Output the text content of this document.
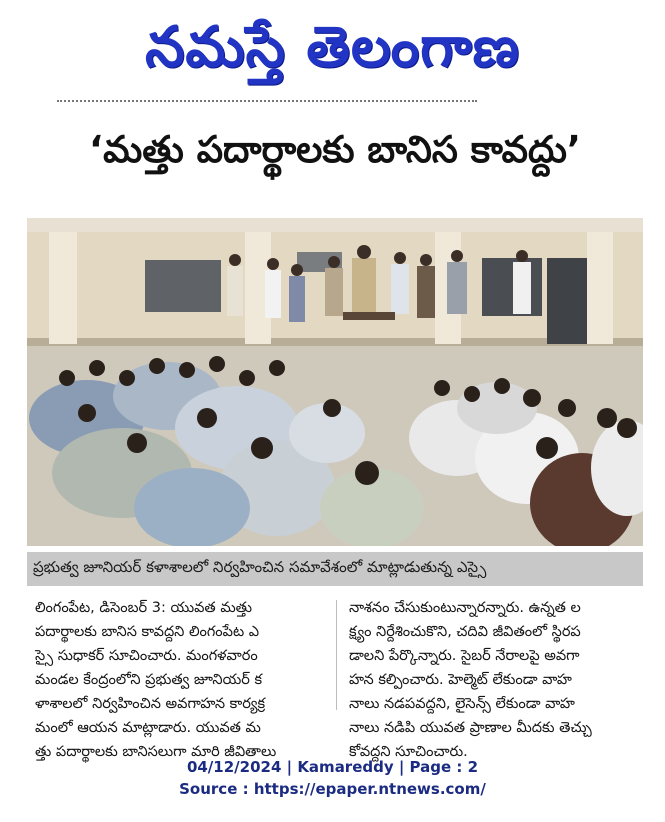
నమస్తే తెలంగాణ
‘మత్తు పదార్థాలకు బానిస కావద్దు’
ప్రభుత్వ జూనియర్ కళాశాలలో నిర్వహించిన సమావేశంలో మాట్లాడుతున్న ఎస్సై
లింగంపేట, డిసెంబర్ 3: యువత మత్తు
పదార్థాలకు బానిస కావద్దని లింగంపేట ఎ
స్సై సుధాకర్ సూచించారు. మంగళవారం
మండల కేంద్రంలోని ప్రభుత్వ జూనియర్ క
ళాశాలలో నిర్వహించిన అవగాహన కార్యక్ర
మంలో ఆయన మాట్లాడారు. యువత మ
త్తు పదార్థాలకు బానిసలుగా మారి జీవితాలు
నాశనం చేసుకుంటున్నారన్నారు. ఉన్నత ల
క్ష్యం నిర్దేశించుకొని, చదివి జీవితంలో స్థిరప
డాలని పేర్కొన్నారు. సైబర్ నేరాలపై అవగా
హన కల్పించారు. హెల్మెట్ లేకుండా వాహ
నాలు నడపవద్దని, లైసెన్స్ లేకుండా వాహ
నాలు నడిపి యువత ప్రాణాల మీదకు తెచ్చు
కోవద్దని సూచించారు.
04/12/2024 | Kamareddy | Page : 2
Source : https://epaper.ntnews.com/
